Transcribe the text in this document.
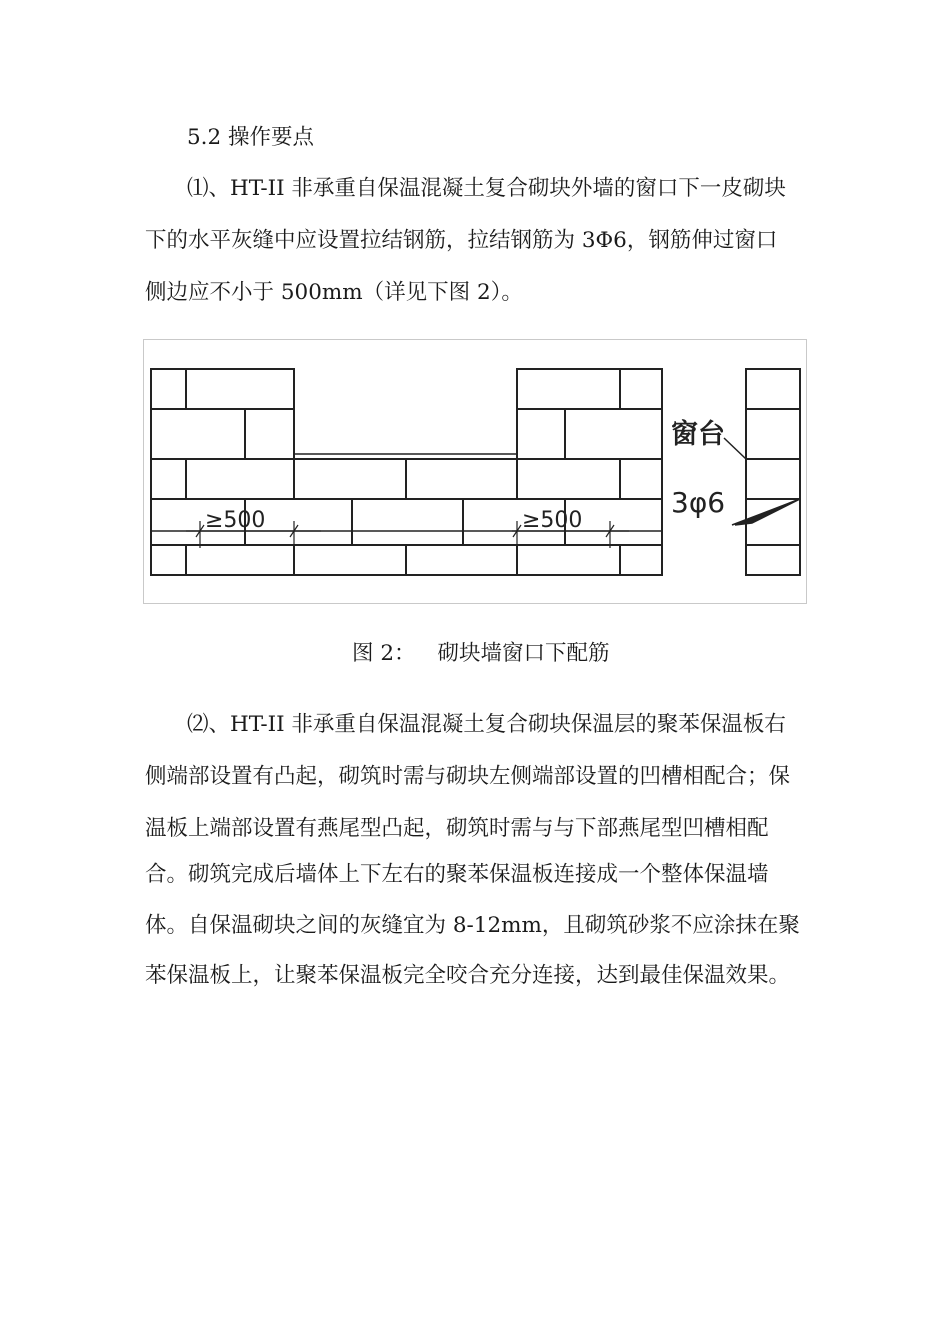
5.2 操作要点
⑴、HT-II 非承重自保温混凝土复合砌块外墙的窗口下一皮砌块
下的水平灰缝中应设置拉结钢筋，拉结钢筋为 3Φ6，钢筋伸过窗口
侧边应不小于 500mm（详见下图 2）。
≥500	≥500
窗台
3φ6
图 2： 砌块墙窗口下配筋
⑵、HT-II 非承重自保温混凝土复合砌块保温层的聚苯保温板右
侧端部设置有凸起，砌筑时需与砌块左侧端部设置的凹槽相配合；保
温板上端部设置有燕尾型凸起，砌筑时需与与下部燕尾型凹槽相配
合。砌筑完成后墙体上下左右的聚苯保温板连接成一个整体保温墙
体。自保温砌块之间的灰缝宜为 8-12mm，且砌筑砂浆不应涂抹在聚
苯保温板上，让聚苯保温板完全咬合充分连接，达到最佳保温效果。
